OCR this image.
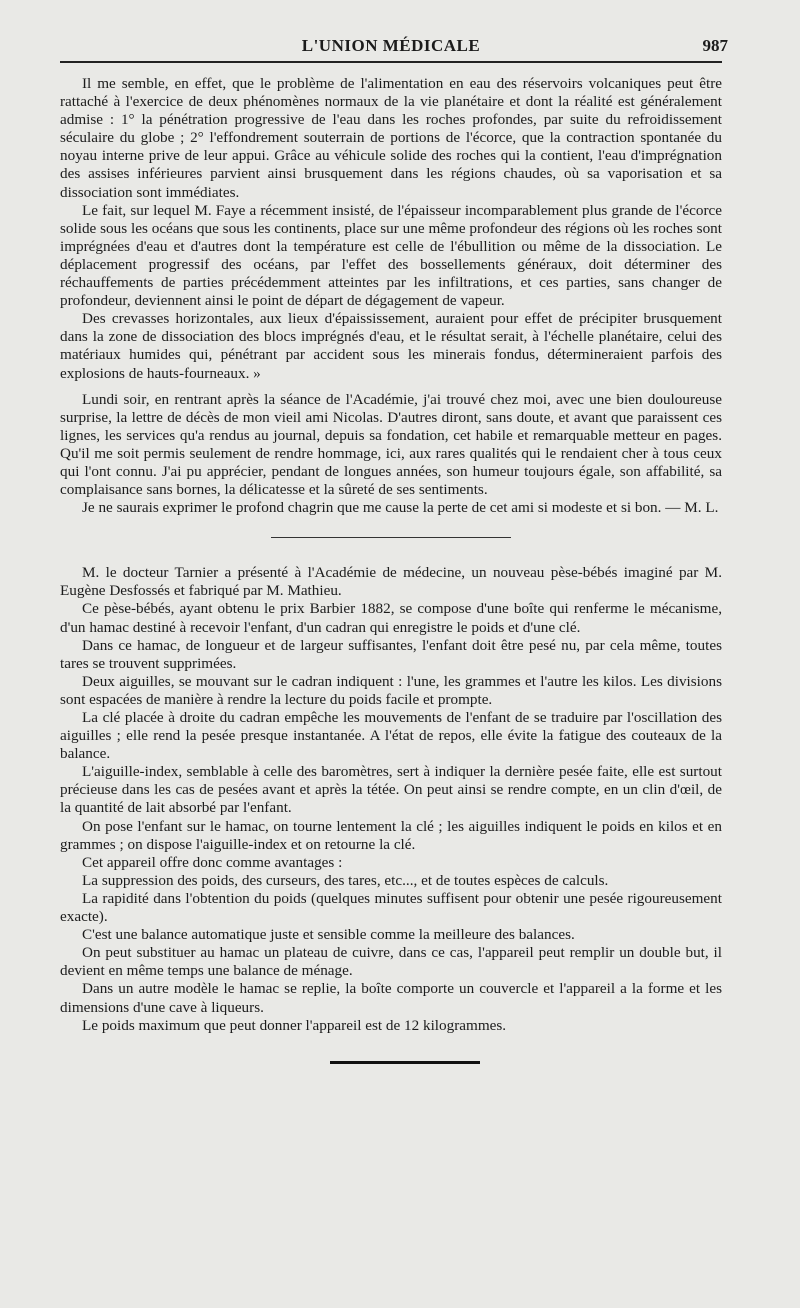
L'UNION MÉDICALE	987

Il me semble, en effet, que le problème de l'alimentation en eau des réservoirs volcaniques peut être rattaché à l'exercice de deux phénomènes normaux de la vie planétaire et dont la réalité est généralement admise : 1° la pénétration progressive de l'eau dans les roches profondes, par suite du refroidissement séculaire du globe ; 2° l'effondrement souterrain de portions de l'écorce, que la contraction spontanée du noyau interne prive de leur appui. Grâce au véhicule solide des roches qui la contient, l'eau d'imprégnation des assises inférieures parvient ainsi brusquement dans les régions chaudes, où sa vaporisation et sa dissociation sont immédiates.

Le fait, sur lequel M. Faye a récemment insisté, de l'épaisseur incomparablement plus grande de l'écorce solide sous les océans que sous les continents, place sur une même profondeur des régions où les roches sont imprégnées d'eau et d'autres dont la température est celle de l'ébullition ou même de la dissociation. Le déplacement progressif des océans, par l'effet des bossellements généraux, doit déterminer des réchauffements de parties précédemment atteintes par les infiltrations, et ces parties, sans changer de profondeur, deviennent ainsi le point de départ de dégagement de vapeur.

Des crevasses horizontales, aux lieux d'épaississement, auraient pour effet de précipiter brusquement dans la zone de dissociation des blocs imprégnés d'eau, et le résultat serait, à l'échelle planétaire, celui des matériaux humides qui, pénétrant par accident sous les minerais fondus, détermineraient parfois des explosions de hauts-fourneaux. »

Lundi soir, en rentrant après la séance de l'Académie, j'ai trouvé chez moi, avec une bien douloureuse surprise, la lettre de décès de mon vieil ami Nicolas. D'autres diront, sans doute, et avant que paraissent ces lignes, les services qu'a rendus au journal, depuis sa fondation, cet habile et remarquable metteur en pages. Qu'il me soit permis seulement de rendre hommage, ici, aux rares qualités qui le rendaient cher à tous ceux qui l'ont connu. J'ai pu apprécier, pendant de longues années, son humeur toujours égale, son affabilité, sa complaisance sans bornes, la délicatesse et la sûreté de ses sentiments.

Je ne saurais exprimer le profond chagrin que me cause la perte de cet ami si modeste et si bon. — M. L.

M. le docteur Tarnier a présenté à l'Académie de médecine, un nouveau pèse-bébés imaginé par M. Eugène Desfossés et fabriqué par M. Mathieu.

Ce pèse-bébés, ayant obtenu le prix Barbier 1882, se compose d'une boîte qui renferme le mécanisme, d'un hamac destiné à recevoir l'enfant, d'un cadran qui enregistre le poids et d'une clé.

Dans ce hamac, de longueur et de largeur suffisantes, l'enfant doit être pesé nu, par cela même, toutes tares se trouvent supprimées.

Deux aiguilles, se mouvant sur le cadran indiquent : l'une, les grammes et l'autre les kilos. Les divisions sont espacées de manière à rendre la lecture du poids facile et prompte.

La clé placée à droite du cadran empêche les mouvements de l'enfant de se traduire par l'oscillation des aiguilles ; elle rend la pesée presque instantanée. A l'état de repos, elle évite la fatigue des couteaux de la balance.

L'aiguille-index, semblable à celle des baromètres, sert à indiquer la dernière pesée faite, elle est surtout précieuse dans les cas de pesées avant et après la tétée. On peut ainsi se rendre compte, en un clin d'œil, de la quantité de lait absorbé par l'enfant.

On pose l'enfant sur le hamac, on tourne lentement la clé ; les aiguilles indiquent le poids en kilos et en grammes ; on dispose l'aiguille-index et on retourne la clé.

Cet appareil offre donc comme avantages :

La suppression des poids, des curseurs, des tares, etc..., et de toutes espèces de calculs.

La rapidité dans l'obtention du poids (quelques minutes suffisent pour obtenir une pesée rigoureusement exacte).

C'est une balance automatique juste et sensible comme la meilleure des balances.

On peut substituer au hamac un plateau de cuivre, dans ce cas, l'appareil peut remplir un double but, il devient en même temps une balance de ménage.

Dans un autre modèle le hamac se replie, la boîte comporte un couvercle et l'appareil a la forme et les dimensions d'une cave à liqueurs.

Le poids maximum que peut donner l'appareil est de 12 kilogrammes.
